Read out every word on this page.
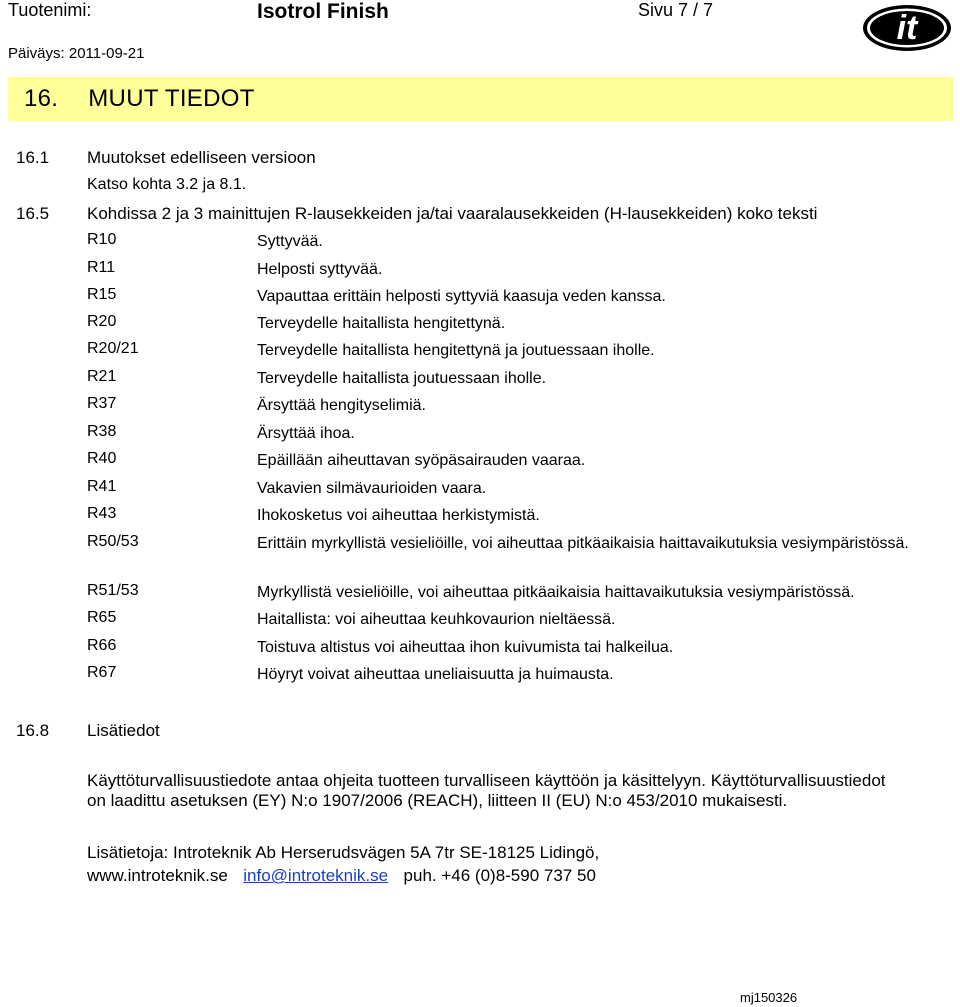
Tuotenimi:	Isotrol Finish	Sivu 7 / 7
Päiväys: 2011-09-21
it
16. MUUT TIEDOT
16.1 Muutokset edelliseen versioon
Katso kohta 3.2 ja 8.1.
16.5 Kohdissa 2 ja 3 mainittujen R-lausekkeiden ja/tai vaaralausekkeiden (H-lausekkeiden) koko teksti
R10	Syttyvää.
R11	Helposti syttyvää.
R15	Vapauttaa erittäin helposti syttyviä kaasuja veden kanssa.
R20	Terveydelle haitallista hengitettynä.
R20/21	Terveydelle haitallista hengitettynä ja joutuessaan iholle.
R21	Terveydelle haitallista joutuessaan iholle.
R37	Ärsyttää hengityselimiä.
R38	Ärsyttää ihoa.
R40	Epäillään aiheuttavan syöpäsairauden vaaraa.
R41	Vakavien silmävaurioiden vaara.
R43	Ihokosketus voi aiheuttaa herkistymistä.
R50/53	Erittäin myrkyllistä vesieliöille, voi aiheuttaa pitkäaikaisia haittavaikutuksia vesiympäristössä.
R51/53	Myrkyllistä vesieliöille, voi aiheuttaa pitkäaikaisia haittavaikutuksia vesiympäristössä.
R65	Haitallista: voi aiheuttaa keuhkovaurion nieltäessä.
R66	Toistuva altistus voi aiheuttaa ihon kuivumista tai halkeilua.
R67	Höyryt voivat aiheuttaa uneliaisuutta ja huimausta.
16.8 Lisätiedot
Käyttöturvallisuustiedote antaa ohjeita tuotteen turvalliseen käyttöön ja käsittelyyn. Käyttöturvallisuustiedot
on laadittu asetuksen (EY) N:o 1907/2006 (REACH), liitteen II (EU) N:o 453/2010 mukaisesti.
Lisätietoja: Introteknik Ab Herserudsvägen 5A 7tr SE-18125 Lidingö,
www.introteknik.se info@introteknik.se puh. +46 (0)8-590 737 50
mj150326
